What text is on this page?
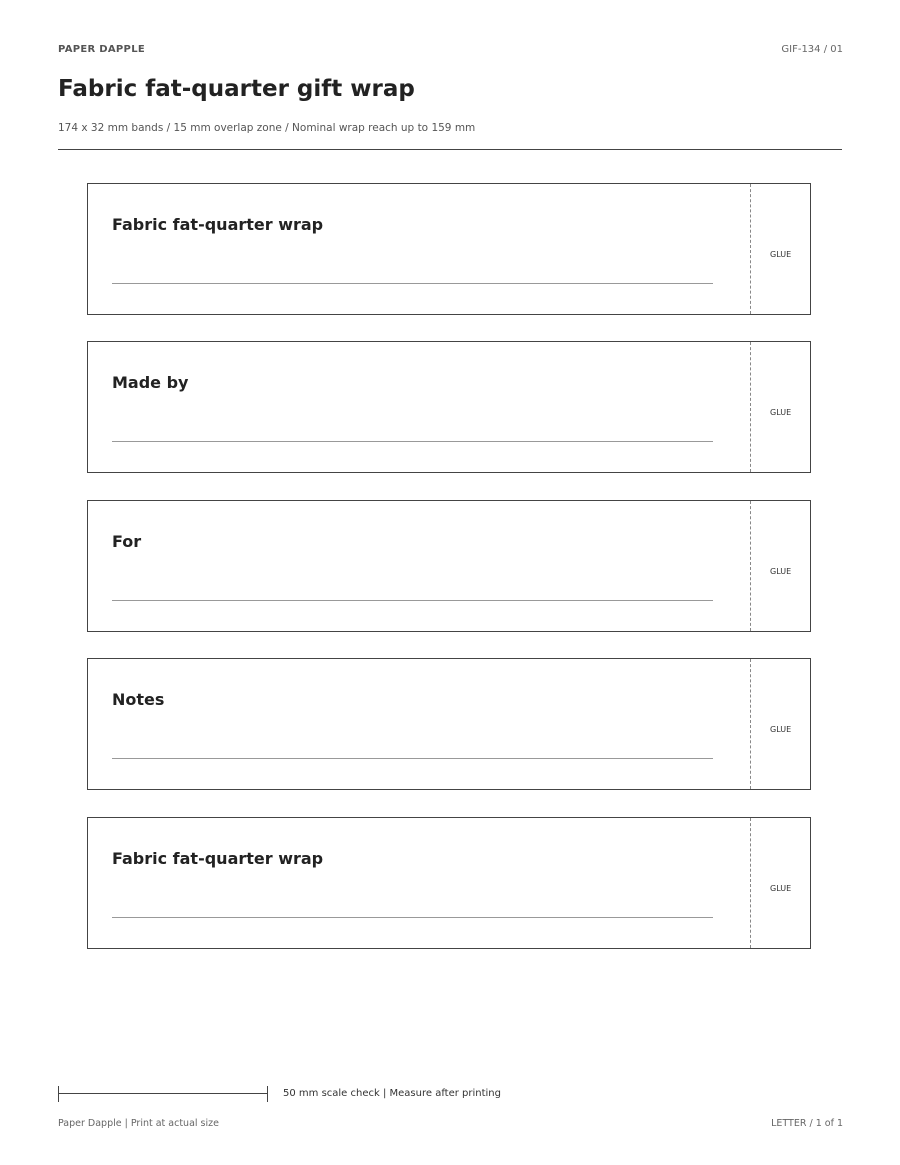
PAPER DAPPLE	GIF-134 / 01
Fabric fat-quarter gift wrap
174 x 32 mm bands / 15 mm overlap zone / Nominal wrap reach up to 159 mm
Fabric fat-quarter wrap
GLUE
Made by
GLUE
For
GLUE
Notes
GLUE
Fabric fat-quarter wrap
GLUE
50 mm scale check | Measure after printing
Paper Dapple | Print at actual size	LETTER / 1 of 1
